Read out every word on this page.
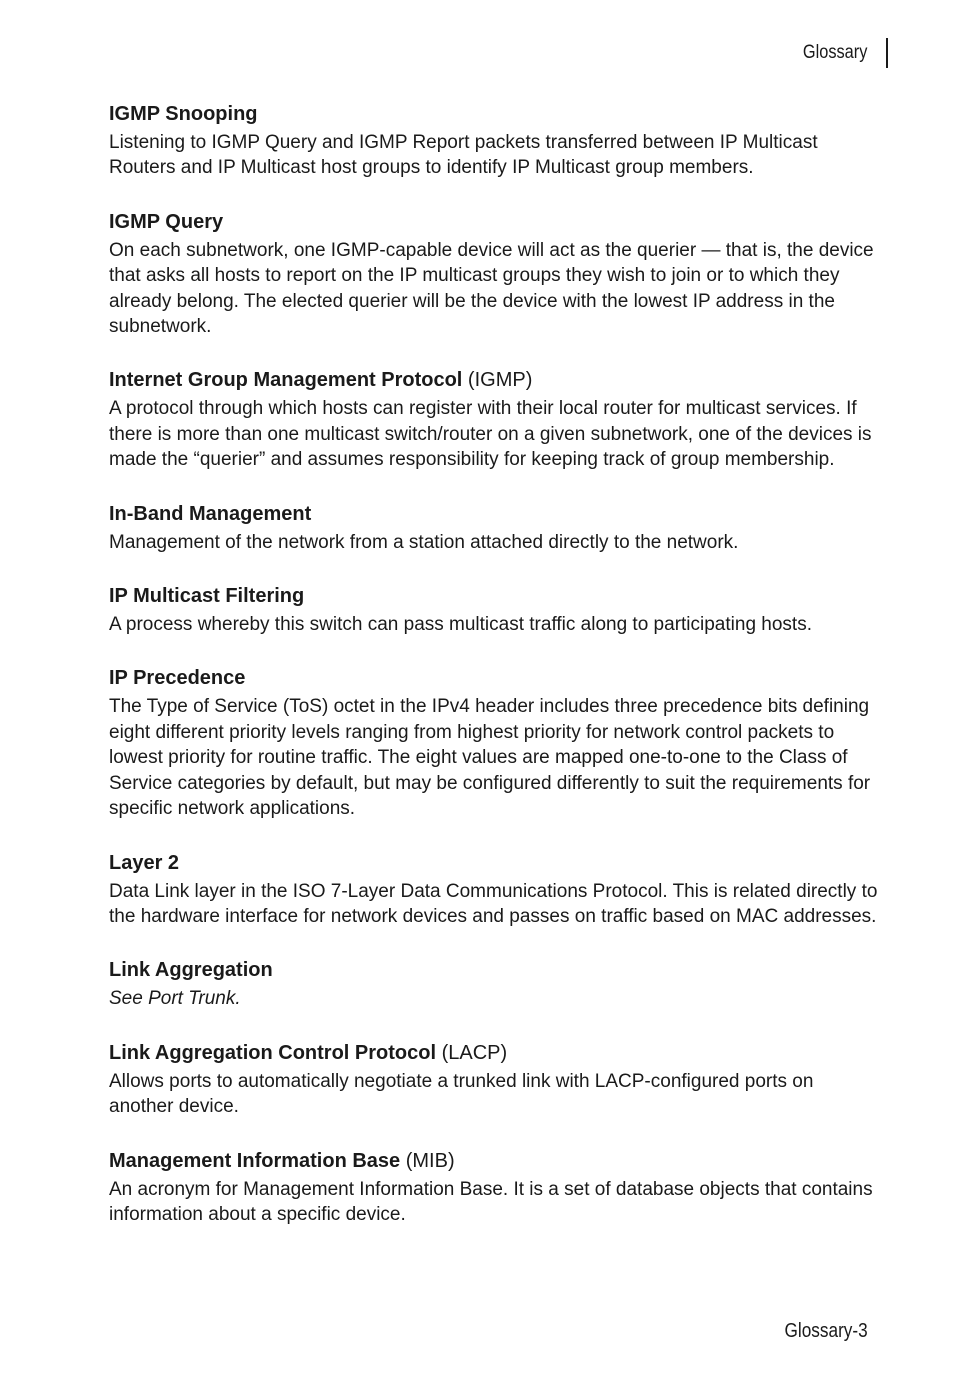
Glossary
IGMP Snooping

Listening to IGMP Query and IGMP Report packets transferred between IP Multicast Routers and IP Multicast host groups to identify IP Multicast group members.

IGMP Query

On each subnetwork, one IGMP-capable device will act as the querier — that is, the device that asks all hosts to report on the IP multicast groups they wish to join or to which they already belong. The elected querier will be the device with the lowest IP address in the subnetwork.

Internet Group Management Protocol (IGMP)

A protocol through which hosts can register with their local router for multicast services. If there is more than one multicast switch/router on a given subnetwork, one of the devices is made the “querier” and assumes responsibility for keeping track of group membership.

In-Band Management

Management of the network from a station attached directly to the network.

IP Multicast Filtering

A process whereby this switch can pass multicast traffic along to participating hosts.

IP Precedence

The Type of Service (ToS) octet in the IPv4 header includes three precedence bits defining eight different priority levels ranging from highest priority for network control packets to lowest priority for routine traffic. The eight values are mapped one-to-one to the Class of Service categories by default, but may be configured differently to suit the requirements for specific network applications.

Layer 2

Data Link layer in the ISO 7-Layer Data Communications Protocol. This is related directly to the hardware interface for network devices and passes on traffic based on MAC addresses.

Link Aggregation

See Port Trunk.

Link Aggregation Control Protocol (LACP)

Allows ports to automatically negotiate a trunked link with LACP-configured ports on another device.

Management Information Base (MIB)

An acronym for Management Information Base. It is a set of database objects that contains information about a specific device.

Glossary-3
